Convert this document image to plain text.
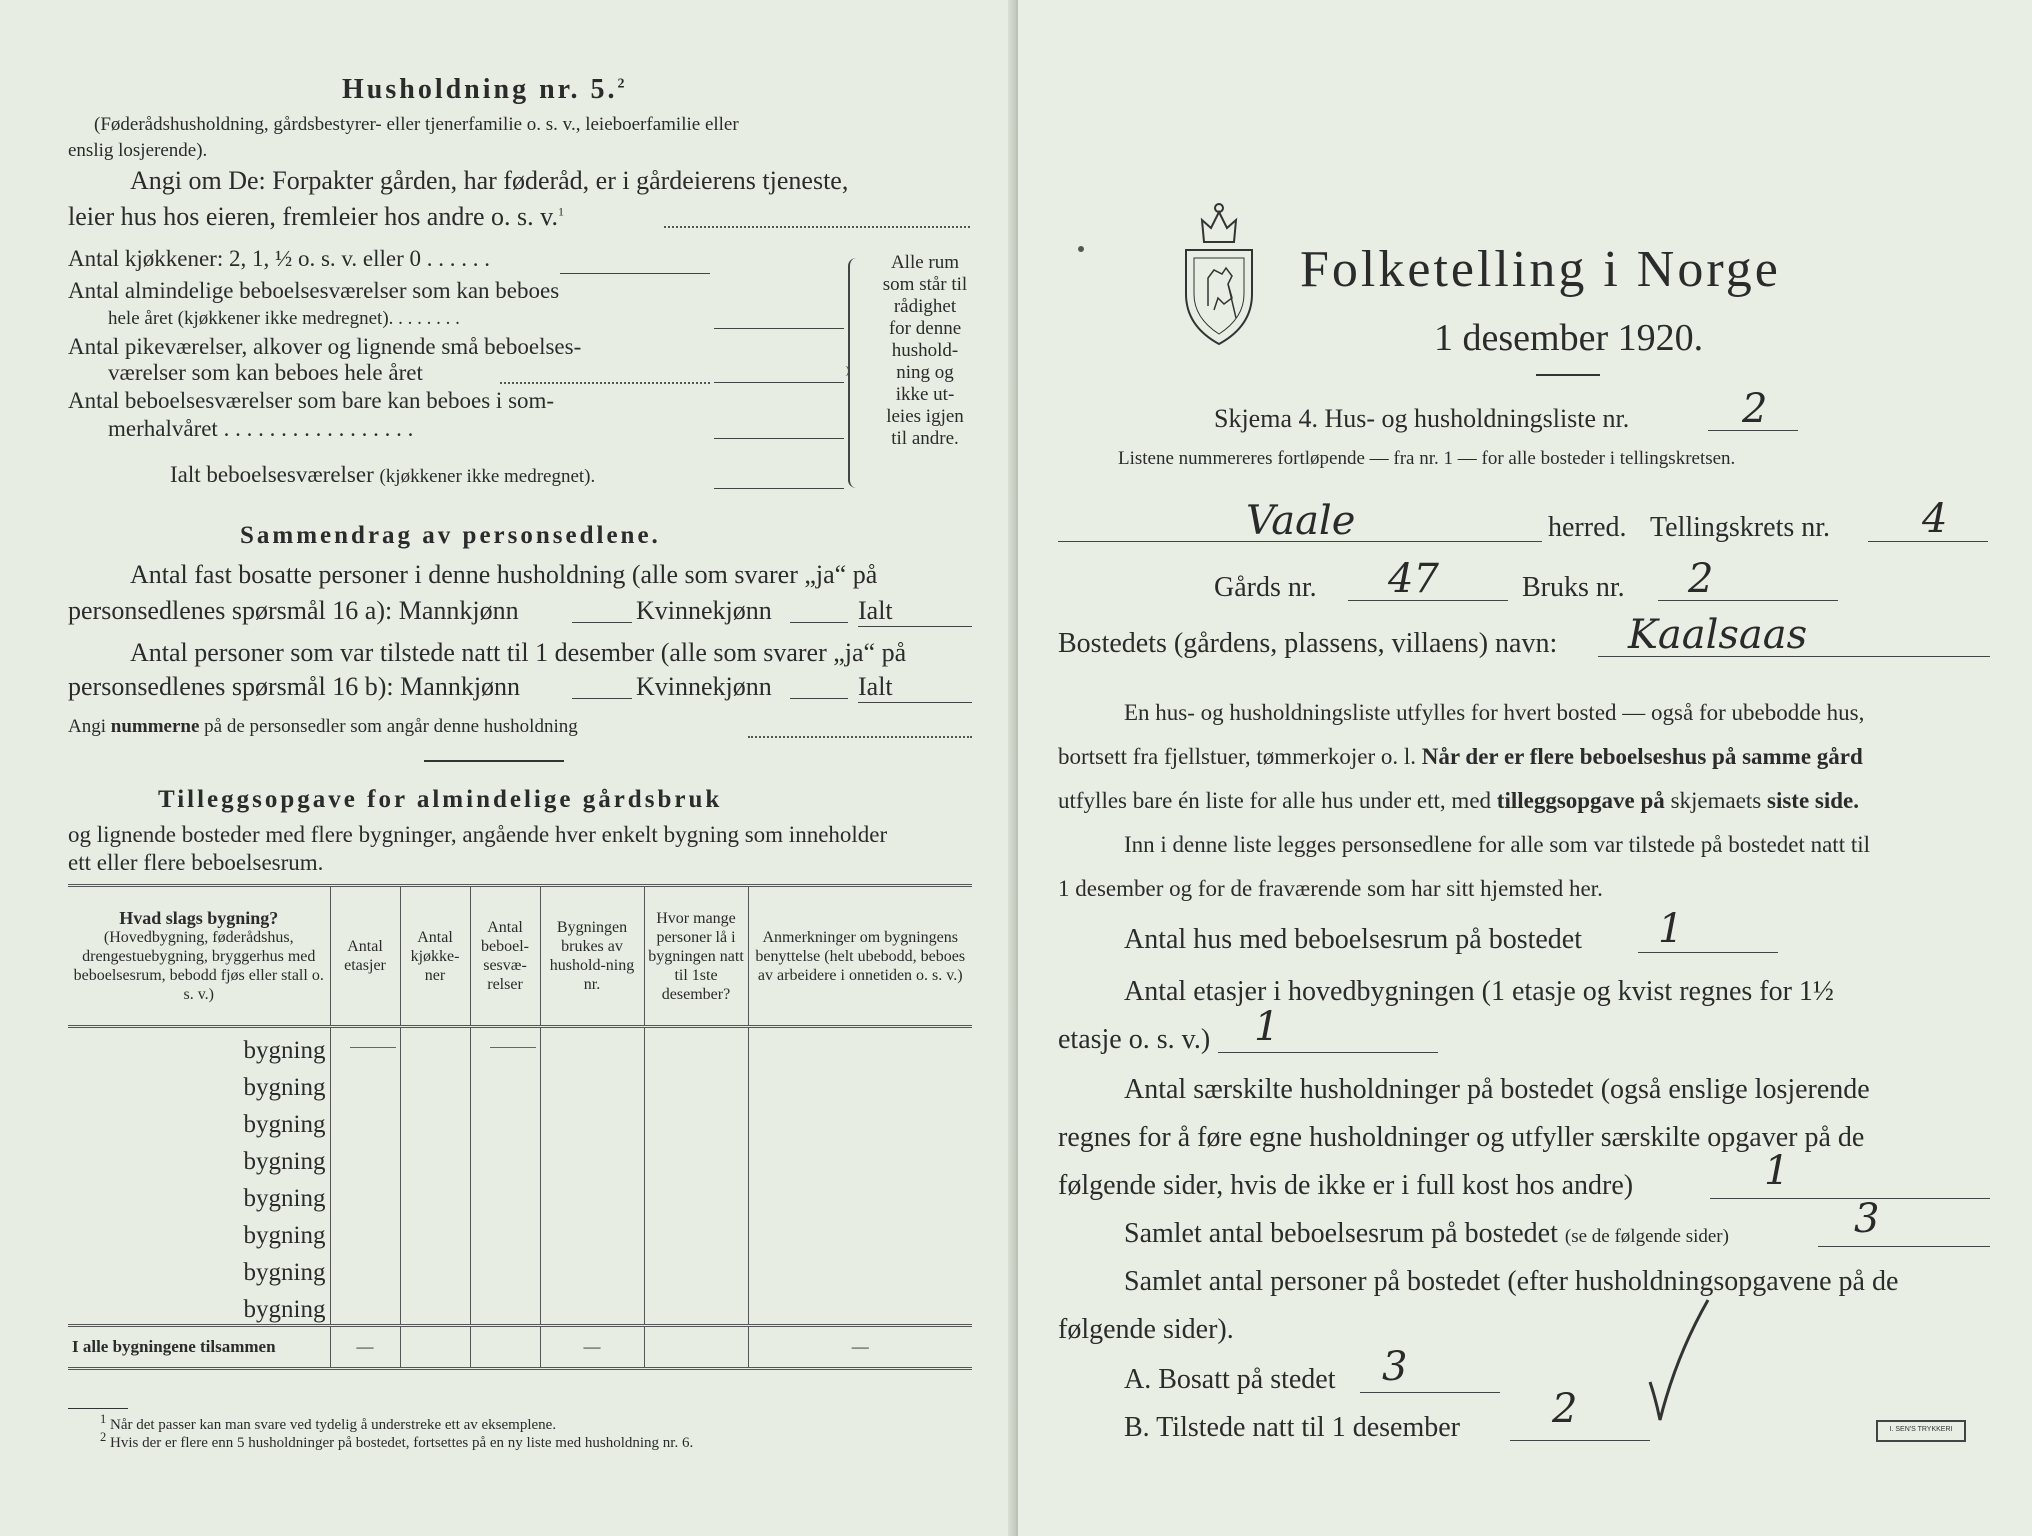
Husholdning nr. 5.$^2$
(Føderådshusholdning, gårdsbestyrer- eller tjenerfamilie o. s. v., leieboerfamilie eller
enslig losjerende).
Angi om De: Forpakter gården, har føderåd, er i gårdeierens tjeneste,
leier hus hos eieren, fremleier hos andre o. s. v.$^1$
Antal kjøkkener: 2, 1, ½ o. s. v. eller 0 . . . . . .
Antal almindelige beboelsesværelser som kan beboes
hele året (kjøkkener ikke medregnet). . . . . . . .
Antal pikeværelser, alkover og lignende små beboelses-
værelser som kan beboes hele året
Antal beboelsesværelser som bare kan beboes i som-
merhalvåret . . . . . . . . . . . . . . . . .
Ialt beboelsesværelser (kjøkkener ikke medregnet).
Alle rum
som står til
rådighet
for denne
hushold-
ning og
ikke ut-
leies igjen
til andre.
Sammendrag av personsedlene.
Antal fast bosatte personer i denne husholdning (alle som svarer „ja“ på
personsedlenes spørsmål 16 a): Mannkjønn	Kvinnekjønn	Ialt
Antal personer som var tilstede natt til 1 desember (alle som svarer „ja“ på
personsedlenes spørsmål 16 b): Mannkjønn	Kvinnekjønn	Ialt
Angi nummerne på de personsedler som angår denne husholdning
Tilleggsopgave for almindelige gårdsbruk
og lignende bosteder med flere bygninger, angående hver enkelt bygning som inneholder
ett eller flere beboelsesrum.
Hvad slags bygning?
(Hovedbygning, føderådshus, drengestuebygning, bryggerhus med beboelsesrum, bebodd fjøs eller stall o. s. v.)	Antal etasjer	Antal kjøkke-ner	Antal beboel-sesvæ-relser	Bygningen brukes av hushold-ning nr.	Hvor mange personer lå i bygningen natt til 1ste desember?	Anmerkninger om bygningens benyttelse (helt ubebodd, beboes av arbeidere i onnetiden o. s. v.)
bygning						
bygning						
bygning						
bygning						
bygning						
bygning						
bygning						
bygning						
I alle bygningene tilsammen	—			—		—
$^1$ Når det passer kan man svare ved tydelig å understreke ett av eksemplene.
$^2$ Hvis der er flere enn 5 husholdninger på bostedet, fortsettes på en ny liste med husholdning nr. 6.
Folketelling i Norge
1 desember 1920.
Skjema 4. Hus- og husholdningsliste nr.	2
Listene nummereres fortløpende — fra nr. 1 — for alle bosteder i tellingskretsen.
Vaale	herred. Tellingskrets nr. 4
Gårds nr. 47	Bruks nr. 2
Bostedets (gårdens, plassens, villaens) navn: Kaalsaas
En hus- og husholdningsliste utfylles for hvert bosted — også for ubebodde hus,
bortsett fra fjellstuer, tømmerkojer o. l. Når der er flere beboelseshus på samme gård
utfylles bare én liste for alle hus under ett, med tilleggsopgave på skjemaets siste side.
Inn i denne liste legges personsedlene for alle som var tilstede på bostedet natt til
1 desember og for de fraværende som har sitt hjemsted her.
Antal hus med beboelsesrum på bostedet 1
Antal etasjer i hovedbygningen (1 etasje og kvist regnes for 1½
etasje o. s. v.) 1
Antal særskilte husholdninger på bostedet (også enslige losjerende
regnes for å føre egne husholdninger og utfyller særskilte opgaver på de
følgende sider, hvis de ikke er i full kost hos andre)	1
Samlet antal beboelsesrum på bostedet (se de følgende sider)	3
Samlet antal personer på bostedet (efter husholdningsopgavene på de
følgende sider).
A. Bosatt på stedet 3
B. Tilstede natt til 1 desember 2	I. SEN'S TRYKKERI
